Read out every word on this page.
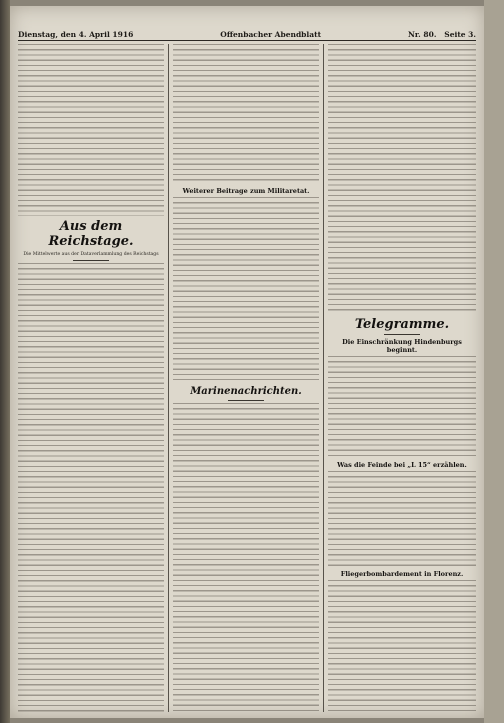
Dienstag, den 4. April 1916	Offenbacher Abendblatt	Nr. 80. Seite 3.
Aus dem Reichstage.
Die Mittelwerte aus der Dataverlammlung des Reichstags
Weiterer Beitrage zum Militaretat.
Marinenachrichten.
Telegramme.
Die Einschränkung Hindenburgs beginnt.
Was die Feinde bei „L 15“ erzählen.
Fliegerbombardement in Florenz.
